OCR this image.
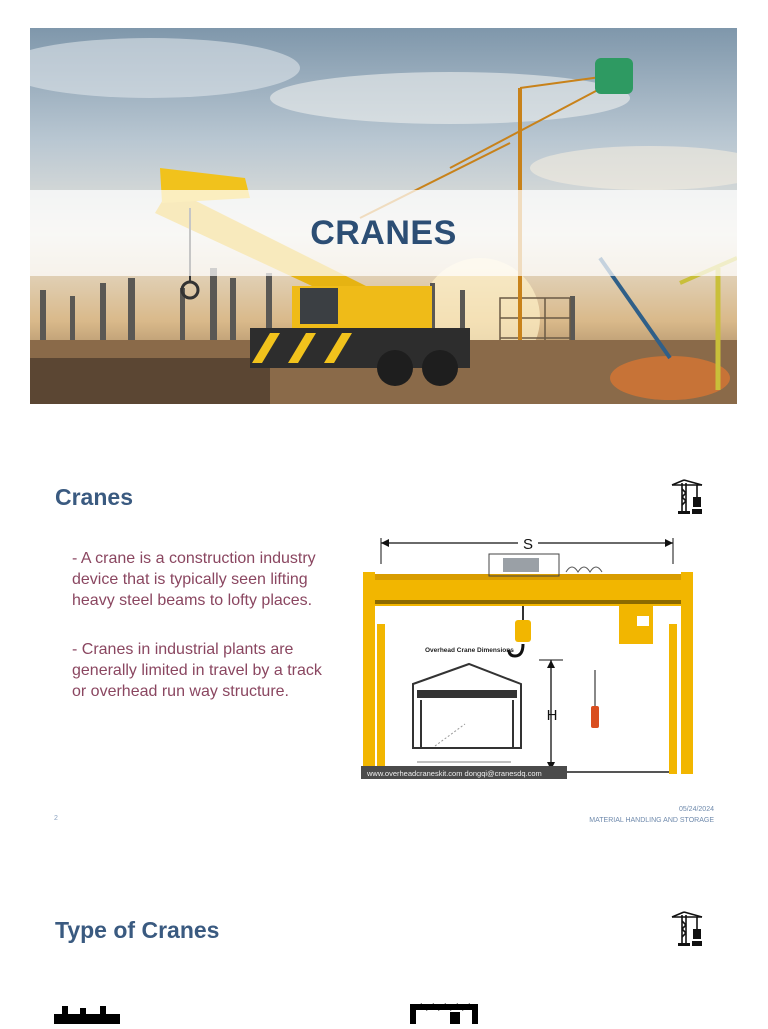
CRANES
Cranes

- A crane is a construction industry device that is typically seen lifting heavy steel beams to lofty places.

- Cranes in industrial plants are generally limited in travel by a track or overhead run way structure.

S
Overhead Crane Dimensions
H
www.overheadcraneskit.com dongqi@cranesdq.com
2
05/24/2024
MATERIAL HANDLING AND STORAGE
Type of Cranes
